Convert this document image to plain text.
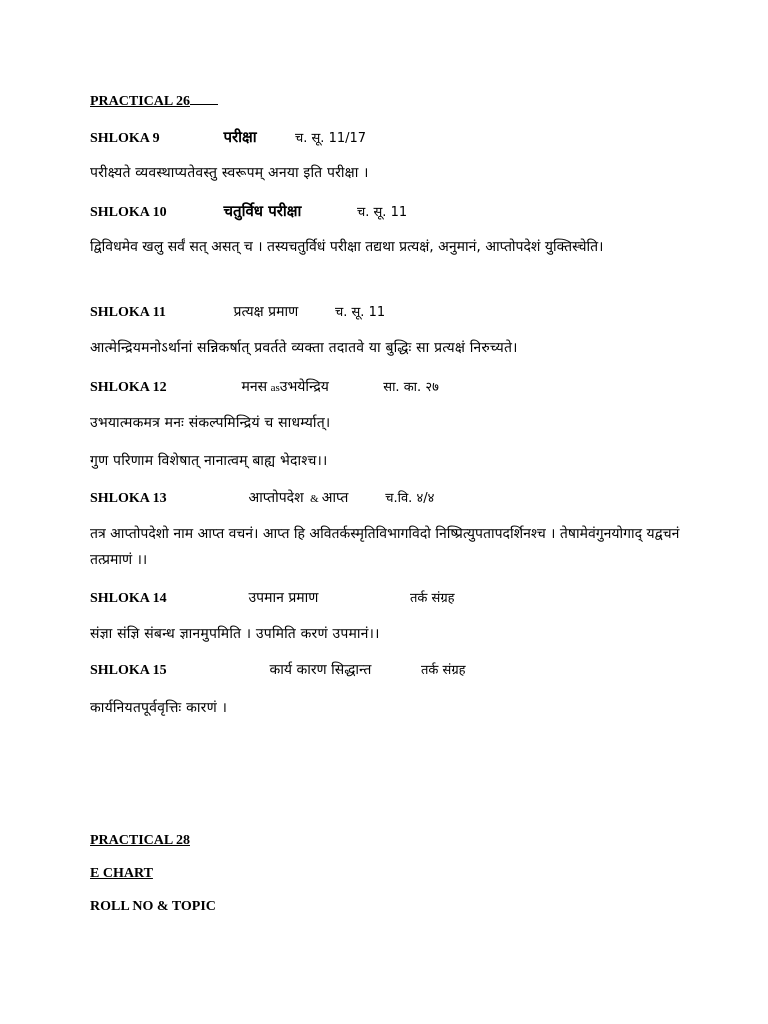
PRACTICAL 26
SHLOKA 9	परीक्षा	च. सू. 11/17
परीक्ष्यते व्यवस्थाप्यतेवस्तु स्वरूपम् अनया इति परीक्षा ।
SHLOKA 10	चतुर्विध परीक्षा	च. सू. 11
द्विविधमेव खलु सर्वं सत् असत् च । तस्यचतुर्विधं परीक्षा तद्यथा प्रत्यक्षं, अनुमानं, आप्तोपदेशं युक्तिस्चेति।
SHLOKA 11	प्रत्यक्ष प्रमाण	च. सू. 11
आत्मेन्द्रियमनोऽर्थानां सन्निकर्षात् प्रवर्तते व्यक्ता तदातवे या बुद्धिः सा प्रत्यक्षं निरुच्यते।
SHLOKA 12	मनस asउभयेन्द्रिय	सा. का. २७
उभयात्मकमत्र मनः संकल्पमिन्द्रियं च साधर्म्यात्।
गुण परिणाम विशेषात् नानात्वम् बाह्य भेदाश्च।।
SHLOKA 13	आप्तोपदेश & आप्त	च.वि. ४/४
तत्र आप्तोपदेशो नाम आप्त वचनं। आप्त हि अवितर्कस्मृतिविभागविदो निष्प्रित्युपतापदर्शिनश्च । तेषामेवंगुनयोगाद् यद्वचनं तत्प्रमाणं ।।
SHLOKA 14	उपमान प्रमाण	तर्क संग्रह
संज्ञा संज्ञि संबन्ध ज्ञानमुपमिति । उपमिति करणं उपमानं।।
SHLOKA 15	कार्य कारण सिद्धान्त	तर्क संग्रह
कार्यनियतपूर्ववृत्तिः कारणं ।
PRACTICAL 28
E CHART
ROLL NO & TOPIC
